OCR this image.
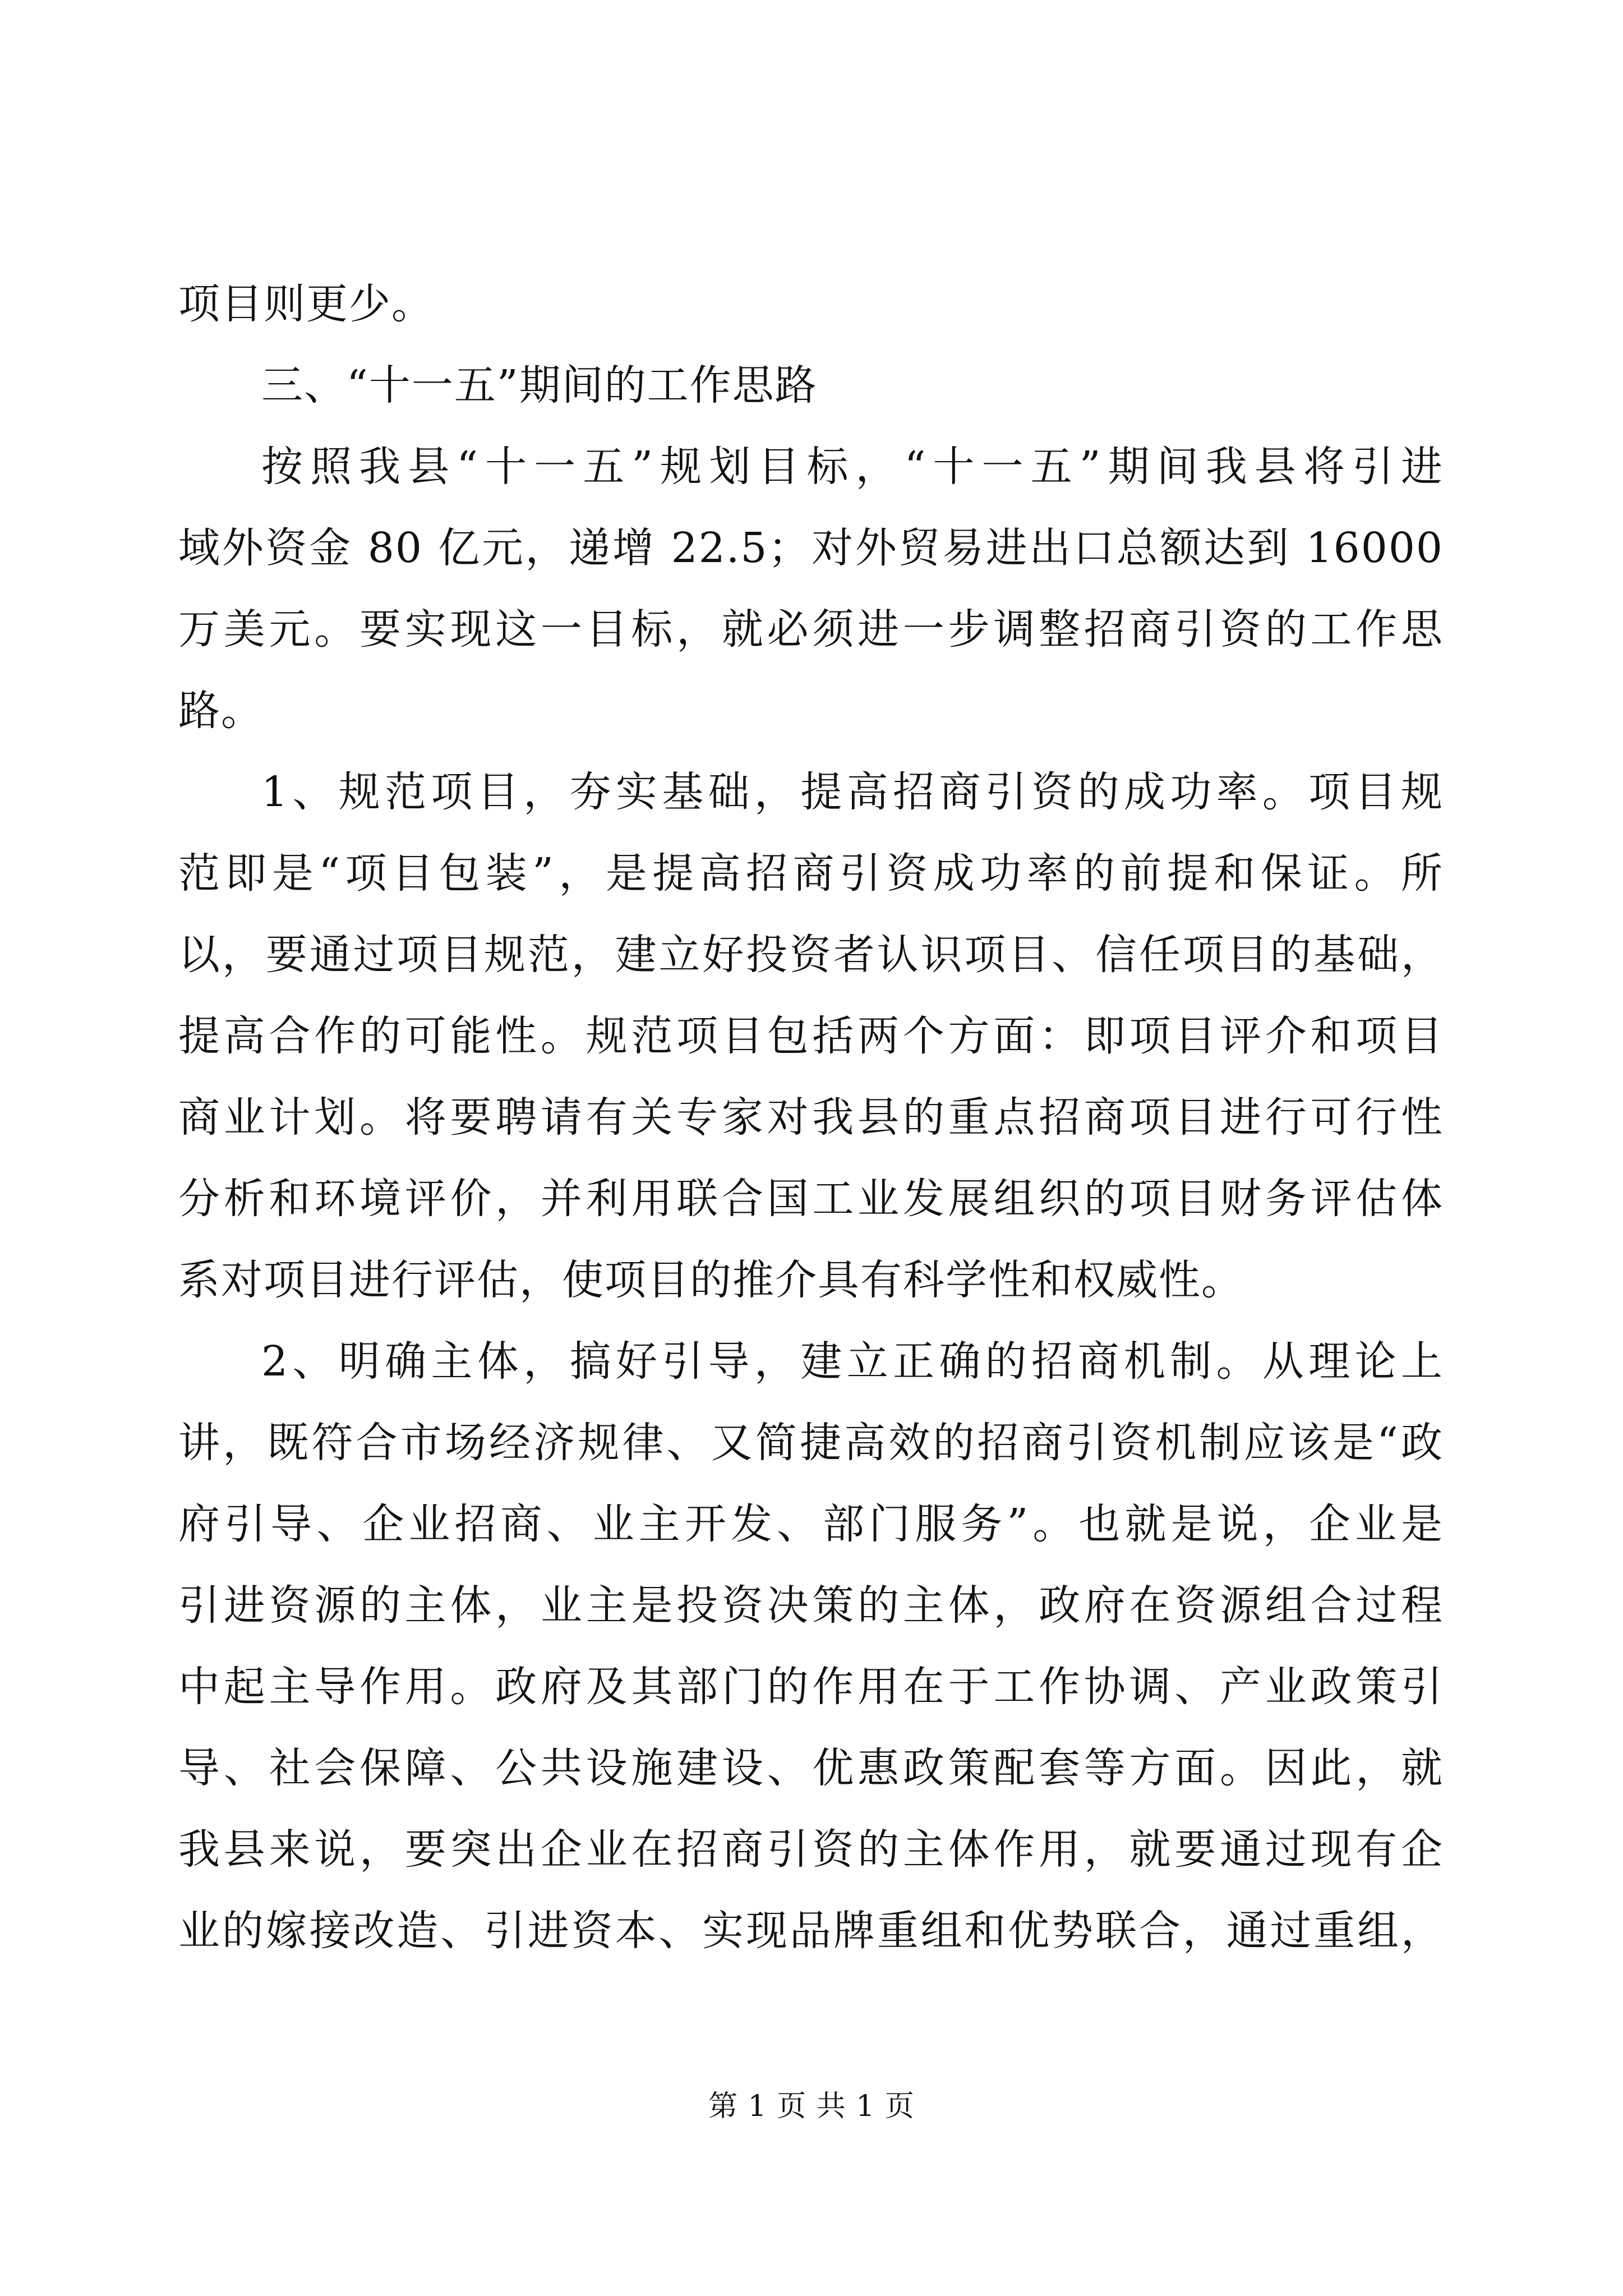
项目则更少。
三、“十一五”期间的工作思路
按照我县“十一五”规划目标，“十一五”期间我县将引进
域外资金 80 亿元，递增 22.5；对外贸易进出口总额达到 16000
万美元。要实现这一目标，就必须进一步调整招商引资的工作思
路。
1、规范项目，夯实基础，提高招商引资的成功率。项目规
范即是“项目包装”，是提高招商引资成功率的前提和保证。所
以，要通过项目规范，建立好投资者认识项目、信任项目的基础，
提高合作的可能性。规范项目包括两个方面：即项目评介和项目
商业计划。将要聘请有关专家对我县的重点招商项目进行可行性
分析和环境评价，并利用联合国工业发展组织的项目财务评估体
系对项目进行评估，使项目的推介具有科学性和权威性。
2、明确主体，搞好引导，建立正确的招商机制。从理论上
讲，既符合市场经济规律、又简捷高效的招商引资机制应该是“政
府引导、企业招商、业主开发、部门服务”。也就是说，企业是
引进资源的主体，业主是投资决策的主体，政府在资源组合过程
中起主导作用。政府及其部门的作用在于工作协调、产业政策引
导、社会保障、公共设施建设、优惠政策配套等方面。因此，就
我县来说，要突出企业在招商引资的主体作用，就要通过现有企
业的嫁接改造、引进资本、实现品牌重组和优势联合，通过重组，
第 1 页 共 1 页
